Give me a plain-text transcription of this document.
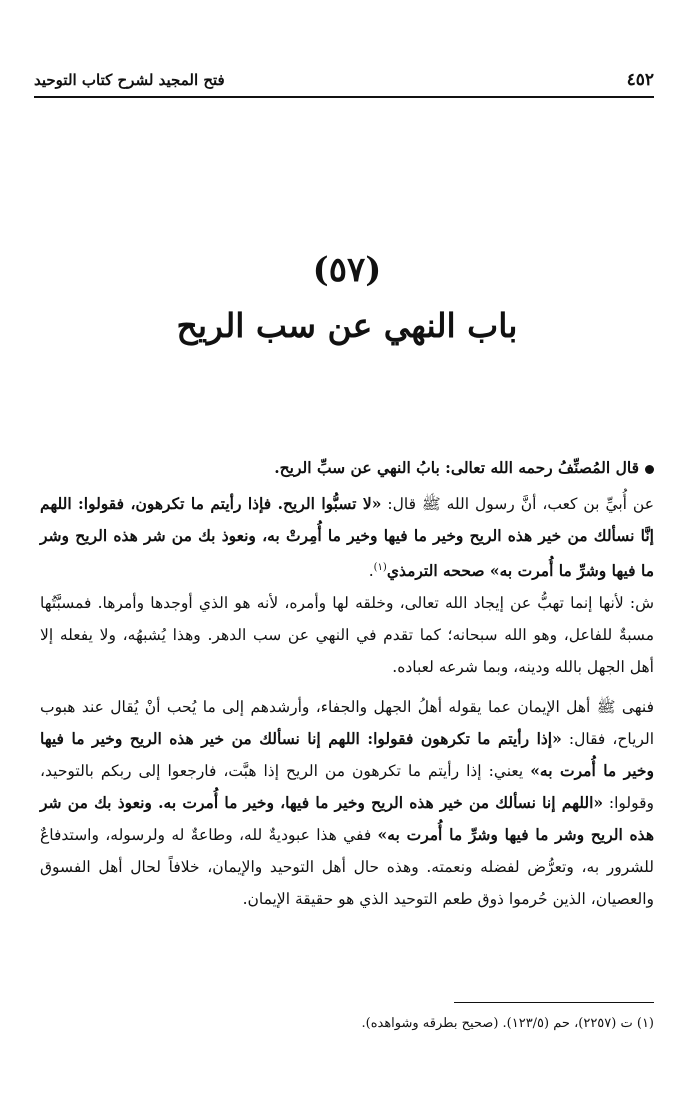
٤٥٢
فتح المجيد لشرح كتاب التوحيد
(٥٧)
باب النهي عن سب الريح

قال المُصنِّفُ رحمه الله تعالى: بابُ النهي عن سبِّ الريح.

عن أُبيِّ بن كعب، أنَّ رسول الله ﷺ قال: «لا تسبُّوا الريح. فإذا رأيتم ما تكرهون، فقولوا: اللهم إنَّا نسألك من خير هذه الريح وخير ما فيها وخير ما أُمِرتْ به، ونعوذ بك من شر هذه الريح وشر ما فيها وشرِّ ما أُمرت به» صححه الترمذي$^{(١)}$.

ش: لأنها إنما تهبُّ عن إيجاد الله تعالى، وخلقه لها وأمره، لأنه هو الذي أوجدها وأمرها. فمسبَّتُها مسبةٌ للفاعل، وهو الله سبحانه؛ كما تقدم في النهي عن سب الدهر. وهذا يُشبهُه، ولا يفعله إلا أهل الجهل بالله ودينه، وبما شرعه لعباده.

فنهى ﷺ أهل الإيمان عما يقوله أهلُ الجهل والجفاء، وأرشدهم إلى ما يُحب أنْ يُقال عند هبوب الرياح، فقال: «إذا رأيتم ما تكرهون فقولوا: اللهم إنا نسألك من خير هذه الريح وخير ما فيها وخير ما أُمرت به» يعني: إذا رأيتم ما تكرهون من الريح إذا هبَّت، فارجعوا إلى ربكم بالتوحيد، وقولوا: «اللهم إنا نسألك من خير هذه الريح وخير ما فيها، وخير ما أُمرت به. ونعوذ بك من شر هذه الريح وشر ما فيها وشرِّ ما أُمرت به» ففي هذا عبوديةٌ لله، وطاعةٌ له ولرسوله، واستدفاعٌ للشرور به، وتعرُّض لفضله ونعمته. وهذه حال أهل التوحيد والإيمان، خلافاً لحال أهل الفسوق والعصيان، الذين حُرموا ذوق طعم التوحيد الذي هو حقيقة الإيمان.

(١) ت (٢٢٥٧)، حم (١٢٣/٥). (صحيح بطرقه وشواهده).
